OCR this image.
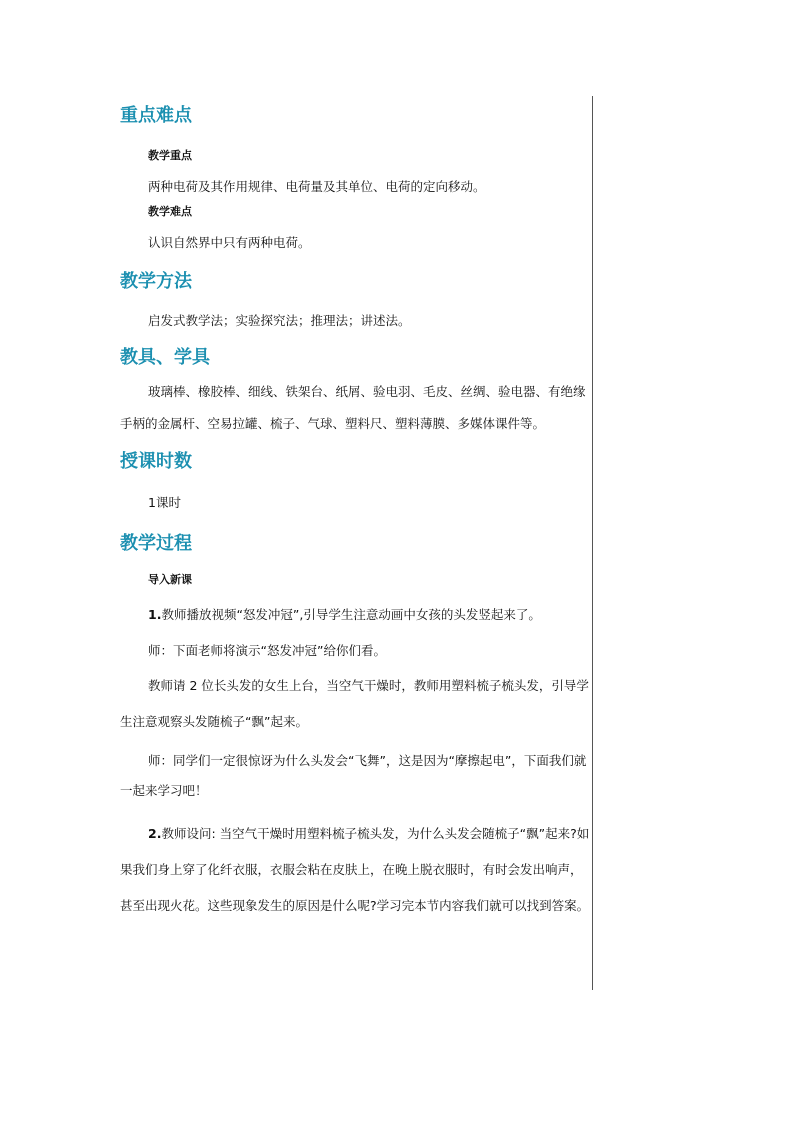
重点难点

教学重点

两种电荷及其作用规律、电荷量及其单位、电荷的定向移动。

教学难点

认识自然界中只有两种电荷。

教学方法

启发式教学法；实验探究法；推理法；讲述法。

教具、学具

玻璃棒、橡胶棒、细线、铁架台、纸屑、验电羽、毛皮、丝绸、验电器、有绝缘手柄的金属杆、空易拉罐、梳子、气球、塑料尺、塑料薄膜、多媒体课件等。

授课时数

1课时

教学过程

导入新课

1.教师播放视频“怒发冲冠”,引导学生注意动画中女孩的头发竖起来了。

师：下面老师将演示“怒发冲冠”给你们看。

教师请 2 位长头发的女生上台，当空气干燥时，教师用塑料梳子梳头发，引导学生注意观察头发随梳子“飘”起来。

师：同学们一定很惊讶为什么头发会“飞舞”，这是因为“摩擦起电”，下面我们就一起来学习吧！

2.教师设问: 当空气干燥时用塑料梳子梳头发，为什么头发会随梳子“飘”起来?如果我们身上穿了化纤衣服，衣服会粘在皮肤上，在晚上脱衣服时，有时会发出响声，甚至出现火花。这些现象发生的原因是什么呢?学习完本节内容我们就可以找到答案。
